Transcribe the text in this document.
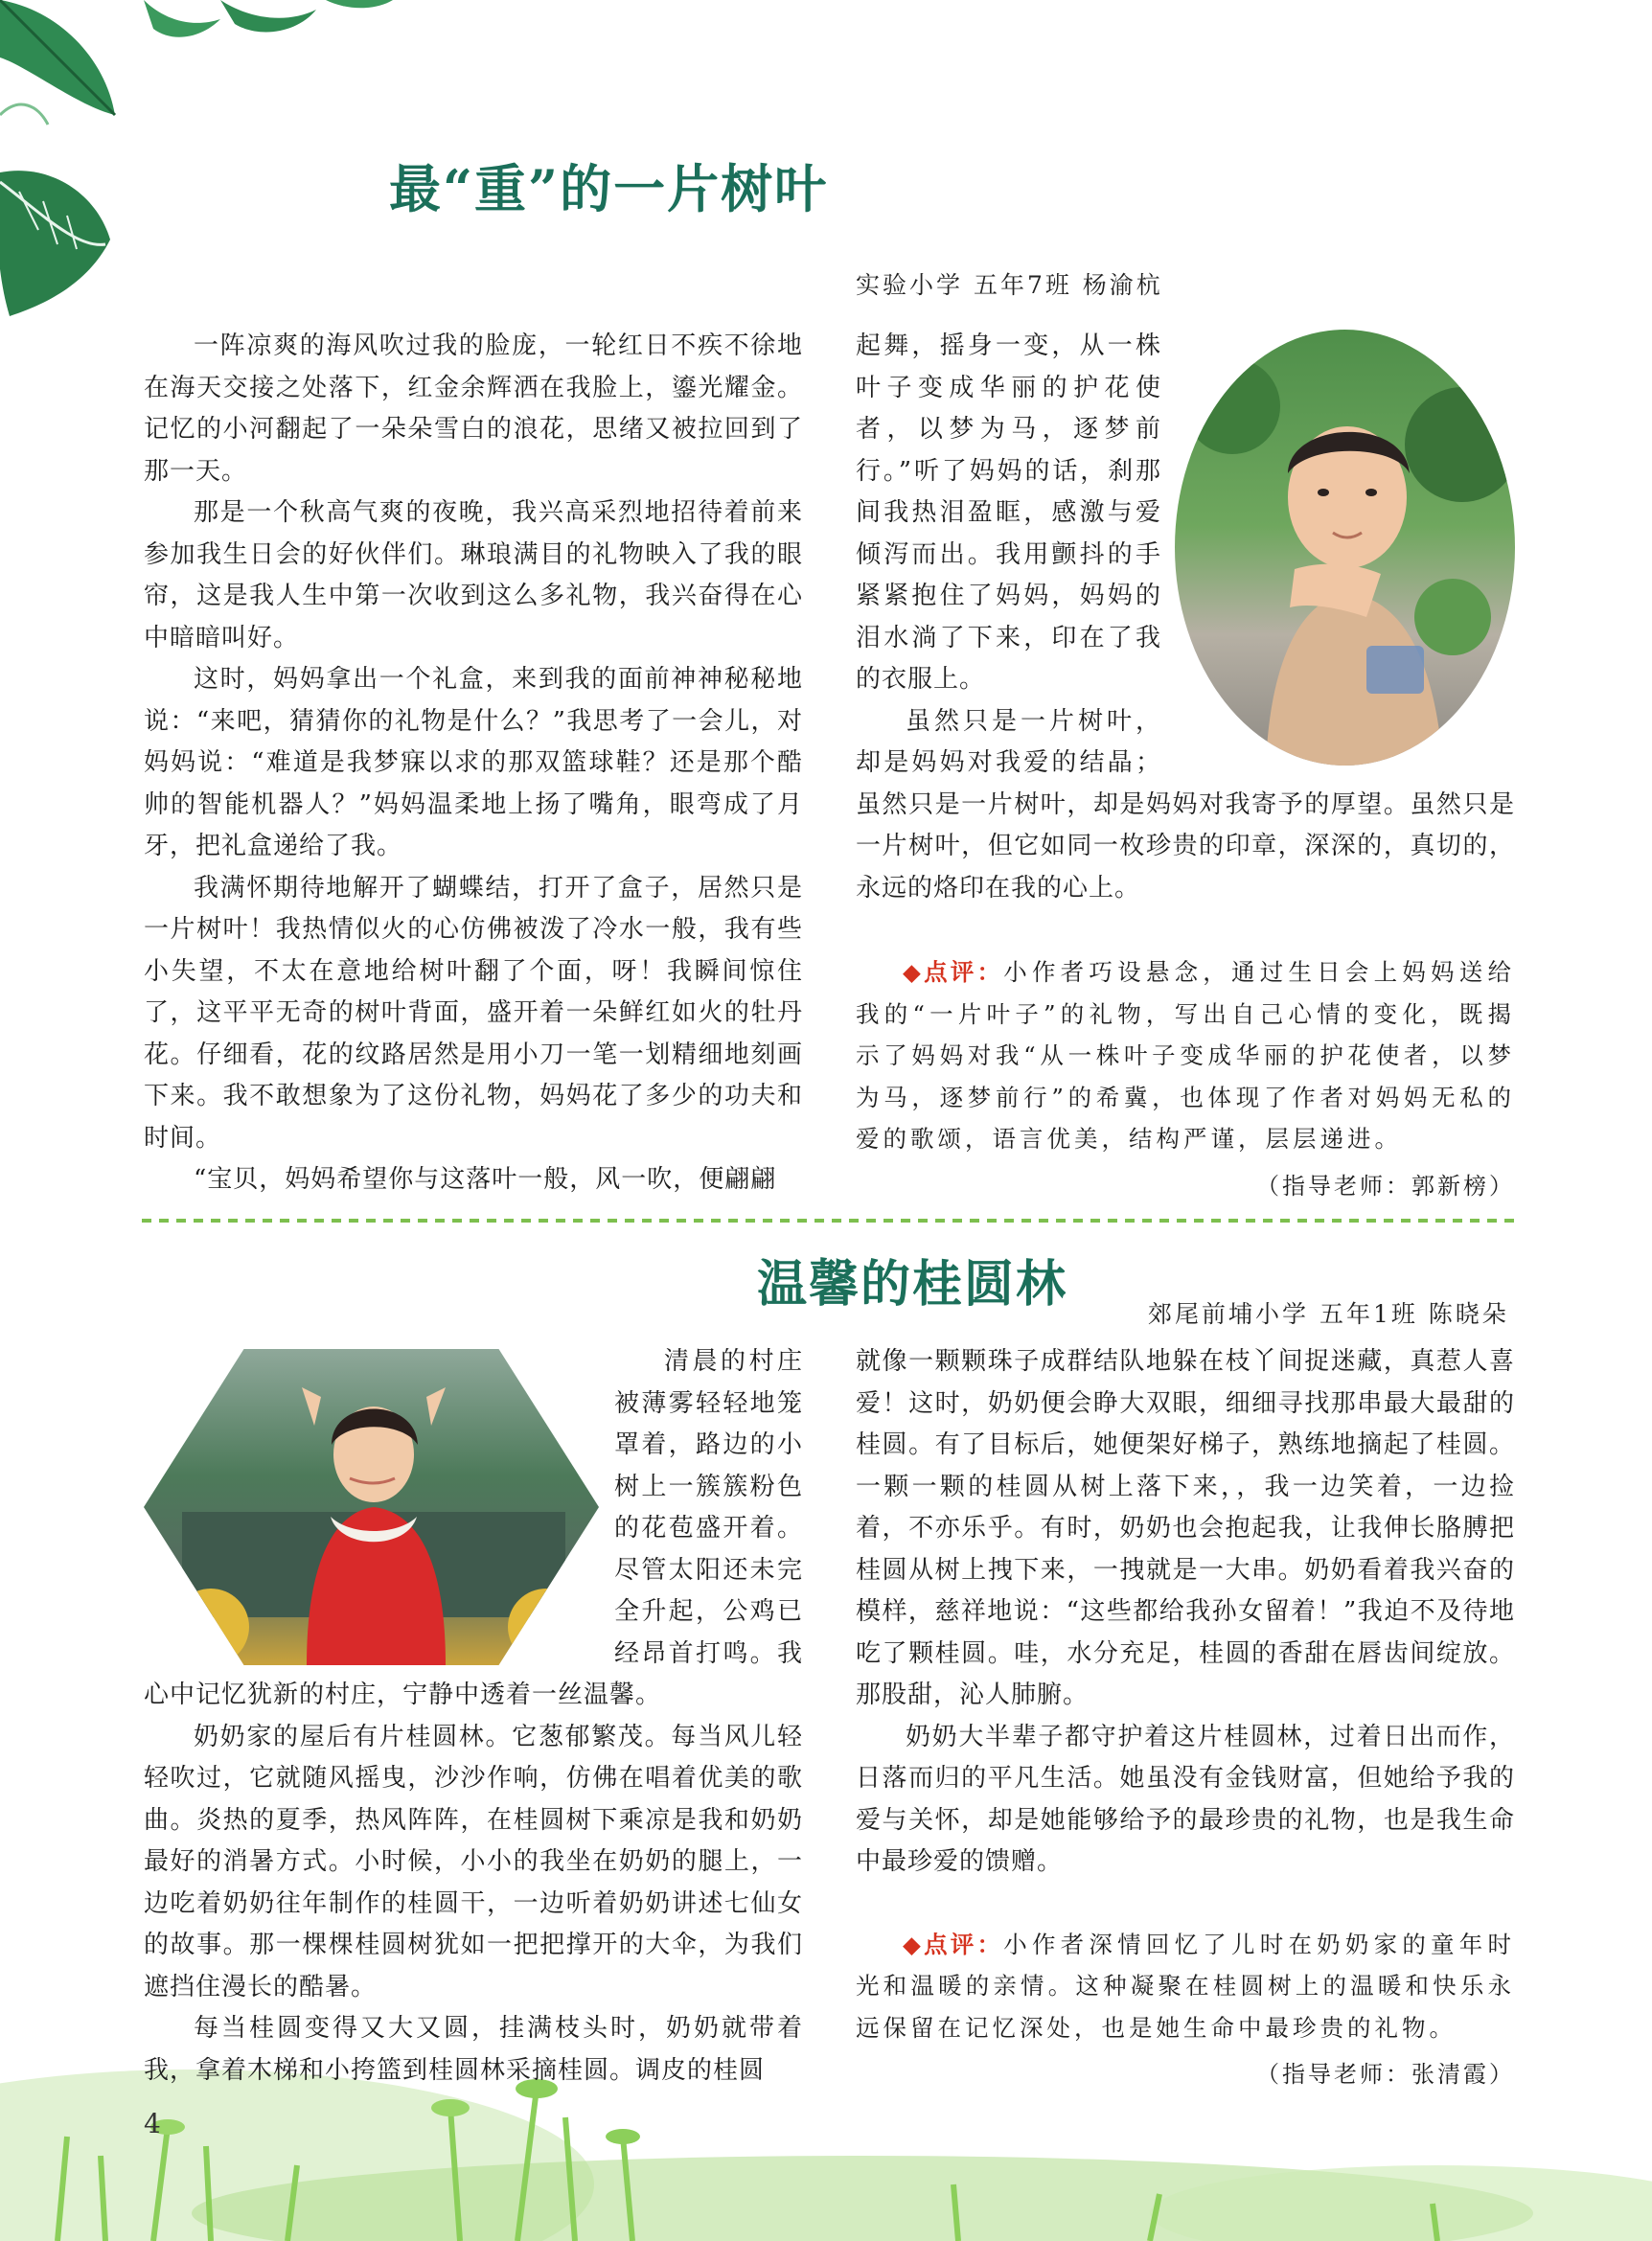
最“重”的一片树叶
实验小学 五年7班 杨渝杭

一阵凉爽的海风吹过我的脸庞，一轮红日不疾不徐地在海天交接之处落下，红金余辉洒在我脸上，鎏光耀金。记忆的小河翻起了一朵朵雪白的浪花，思绪又被拉回到了那一天。

那是一个秋高气爽的夜晚，我兴高采烈地招待着前来参加我生日会的好伙伴们。琳琅满目的礼物映入了我的眼帘，这是我人生中第一次收到这么多礼物，我兴奋得在心中暗暗叫好。

这时，妈妈拿出一个礼盒，来到我的面前神神秘秘地说：“来吧，猜猜你的礼物是什么？”我思考了一会儿，对妈妈说：“难道是我梦寐以求的那双篮球鞋？还是那个酷帅的智能机器人？”妈妈温柔地上扬了嘴角，眼弯成了月牙，把礼盒递给了我。

我满怀期待地解开了蝴蝶结，打开了盒子，居然只是一片树叶！我热情似火的心仿佛被泼了冷水一般，我有些小失望，不太在意地给树叶翻了个面，呀！我瞬间惊住了，这平平无奇的树叶背面，盛开着一朵鲜红如火的牡丹花。仔细看，花的纹路居然是用小刀一笔一划精细地刻画下来。我不敢想象为了这份礼物，妈妈花了多少的功夫和时间。

“宝贝，妈妈希望你与这落叶一般，风一吹，便翩翩

起舞，摇身一变，从一株叶子变成华丽的护花使者，以梦为马，逐梦前行。”听了妈妈的话，刹那间我热泪盈眶，感激与爱倾泻而出。我用颤抖的手紧紧抱住了妈妈，妈妈的泪水淌了下来，印在了我的衣服上。

虽然只是一片树叶，却是妈妈对我爱的结晶；虽然只是一片树叶，却是妈妈对我寄予的厚望。虽然只是一片树叶，但它如同一枚珍贵的印章，深深的，真切的，永远的烙印在我的心上。

◆点评：小作者巧设悬念，通过生日会上妈妈送给我的“一片叶子”的礼物，写出自己心情的变化，既揭示了妈妈对我“从一株叶子变成华丽的护花使者，以梦为马，逐梦前行”的希冀，也体现了作者对妈妈无私的爱的歌颂，语言优美，结构严谨，层层递进。

（指导老师：郭新榜）
温馨的桂圆林
郊尾前埔小学 五年1班 陈晓朵

清晨的村庄被薄雾轻轻地笼罩着，路边的小树上一簇簇粉色的花苞盛开着。尽管太阳还未完全升起，公鸡已经昂首打鸣。我心中记忆犹新的村庄，宁静中透着一丝温馨。

奶奶家的屋后有片桂圆林。它葱郁繁茂。每当风儿轻轻吹过，它就随风摇曳，沙沙作响，仿佛在唱着优美的歌曲。炎热的夏季，热风阵阵，在桂圆树下乘凉是我和奶奶最好的消暑方式。小时候，小小的我坐在奶奶的腿上，一边吃着奶奶往年制作的桂圆干，一边听着奶奶讲述七仙女的故事。那一棵棵桂圆树犹如一把把撑开的大伞，为我们遮挡住漫长的酷暑。

每当桂圆变得又大又圆，挂满枝头时，奶奶就带着我，拿着木梯和小挎篮到桂圆林采摘桂圆。调皮的桂圆

就像一颗颗珠子成群结队地躲在枝丫间捉迷藏，真惹人喜爱！这时，奶奶便会睁大双眼，细细寻找那串最大最甜的桂圆。有了目标后，她便架好梯子，熟练地摘起了桂圆。一颗一颗的桂圆从树上落下来，，我一边笑着，一边捡着，不亦乐乎。有时，奶奶也会抱起我，让我伸长胳膊把桂圆从树上拽下来，一拽就是一大串。奶奶看着我兴奋的模样，慈祥地说：“这些都给我孙女留着！”我迫不及待地吃了颗桂圆。哇，水分充足，桂圆的香甜在唇齿间绽放。那股甜，沁人肺腑。

奶奶大半辈子都守护着这片桂圆林，过着日出而作，日落而归的平凡生活。她虽没有金钱财富，但她给予我的爱与关怀，却是她能够给予的最珍贵的礼物，也是我生命中最珍爱的馈赠。

◆点评：小作者深情回忆了儿时在奶奶家的童年时光和温暖的亲情。这种凝聚在桂圆树上的温暖和快乐永远保留在记忆深处，也是她生命中最珍贵的礼物。

（指导老师：张清霞）
4
